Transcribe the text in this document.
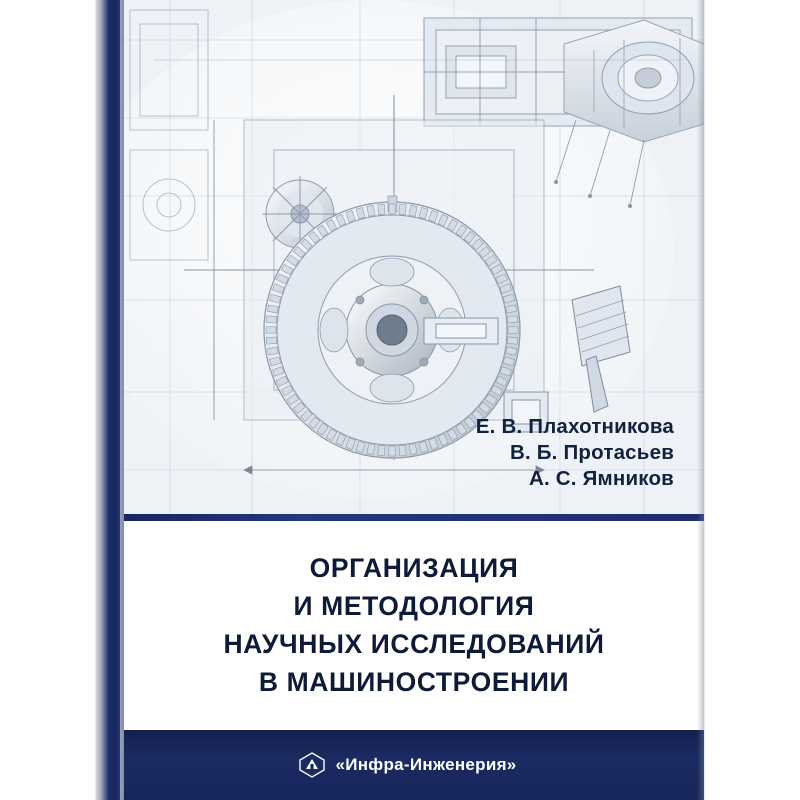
Е. В. Плахотникова
В. Б. Протасьев
А. С. Ямников
ОРГАНИЗАЦИЯ
И МЕТОДОЛОГИЯ
НАУЧНЫХ ИССЛЕДОВАНИЙ
В МАШИНОСТРОЕНИИ
«Инфра-Инженерия»
